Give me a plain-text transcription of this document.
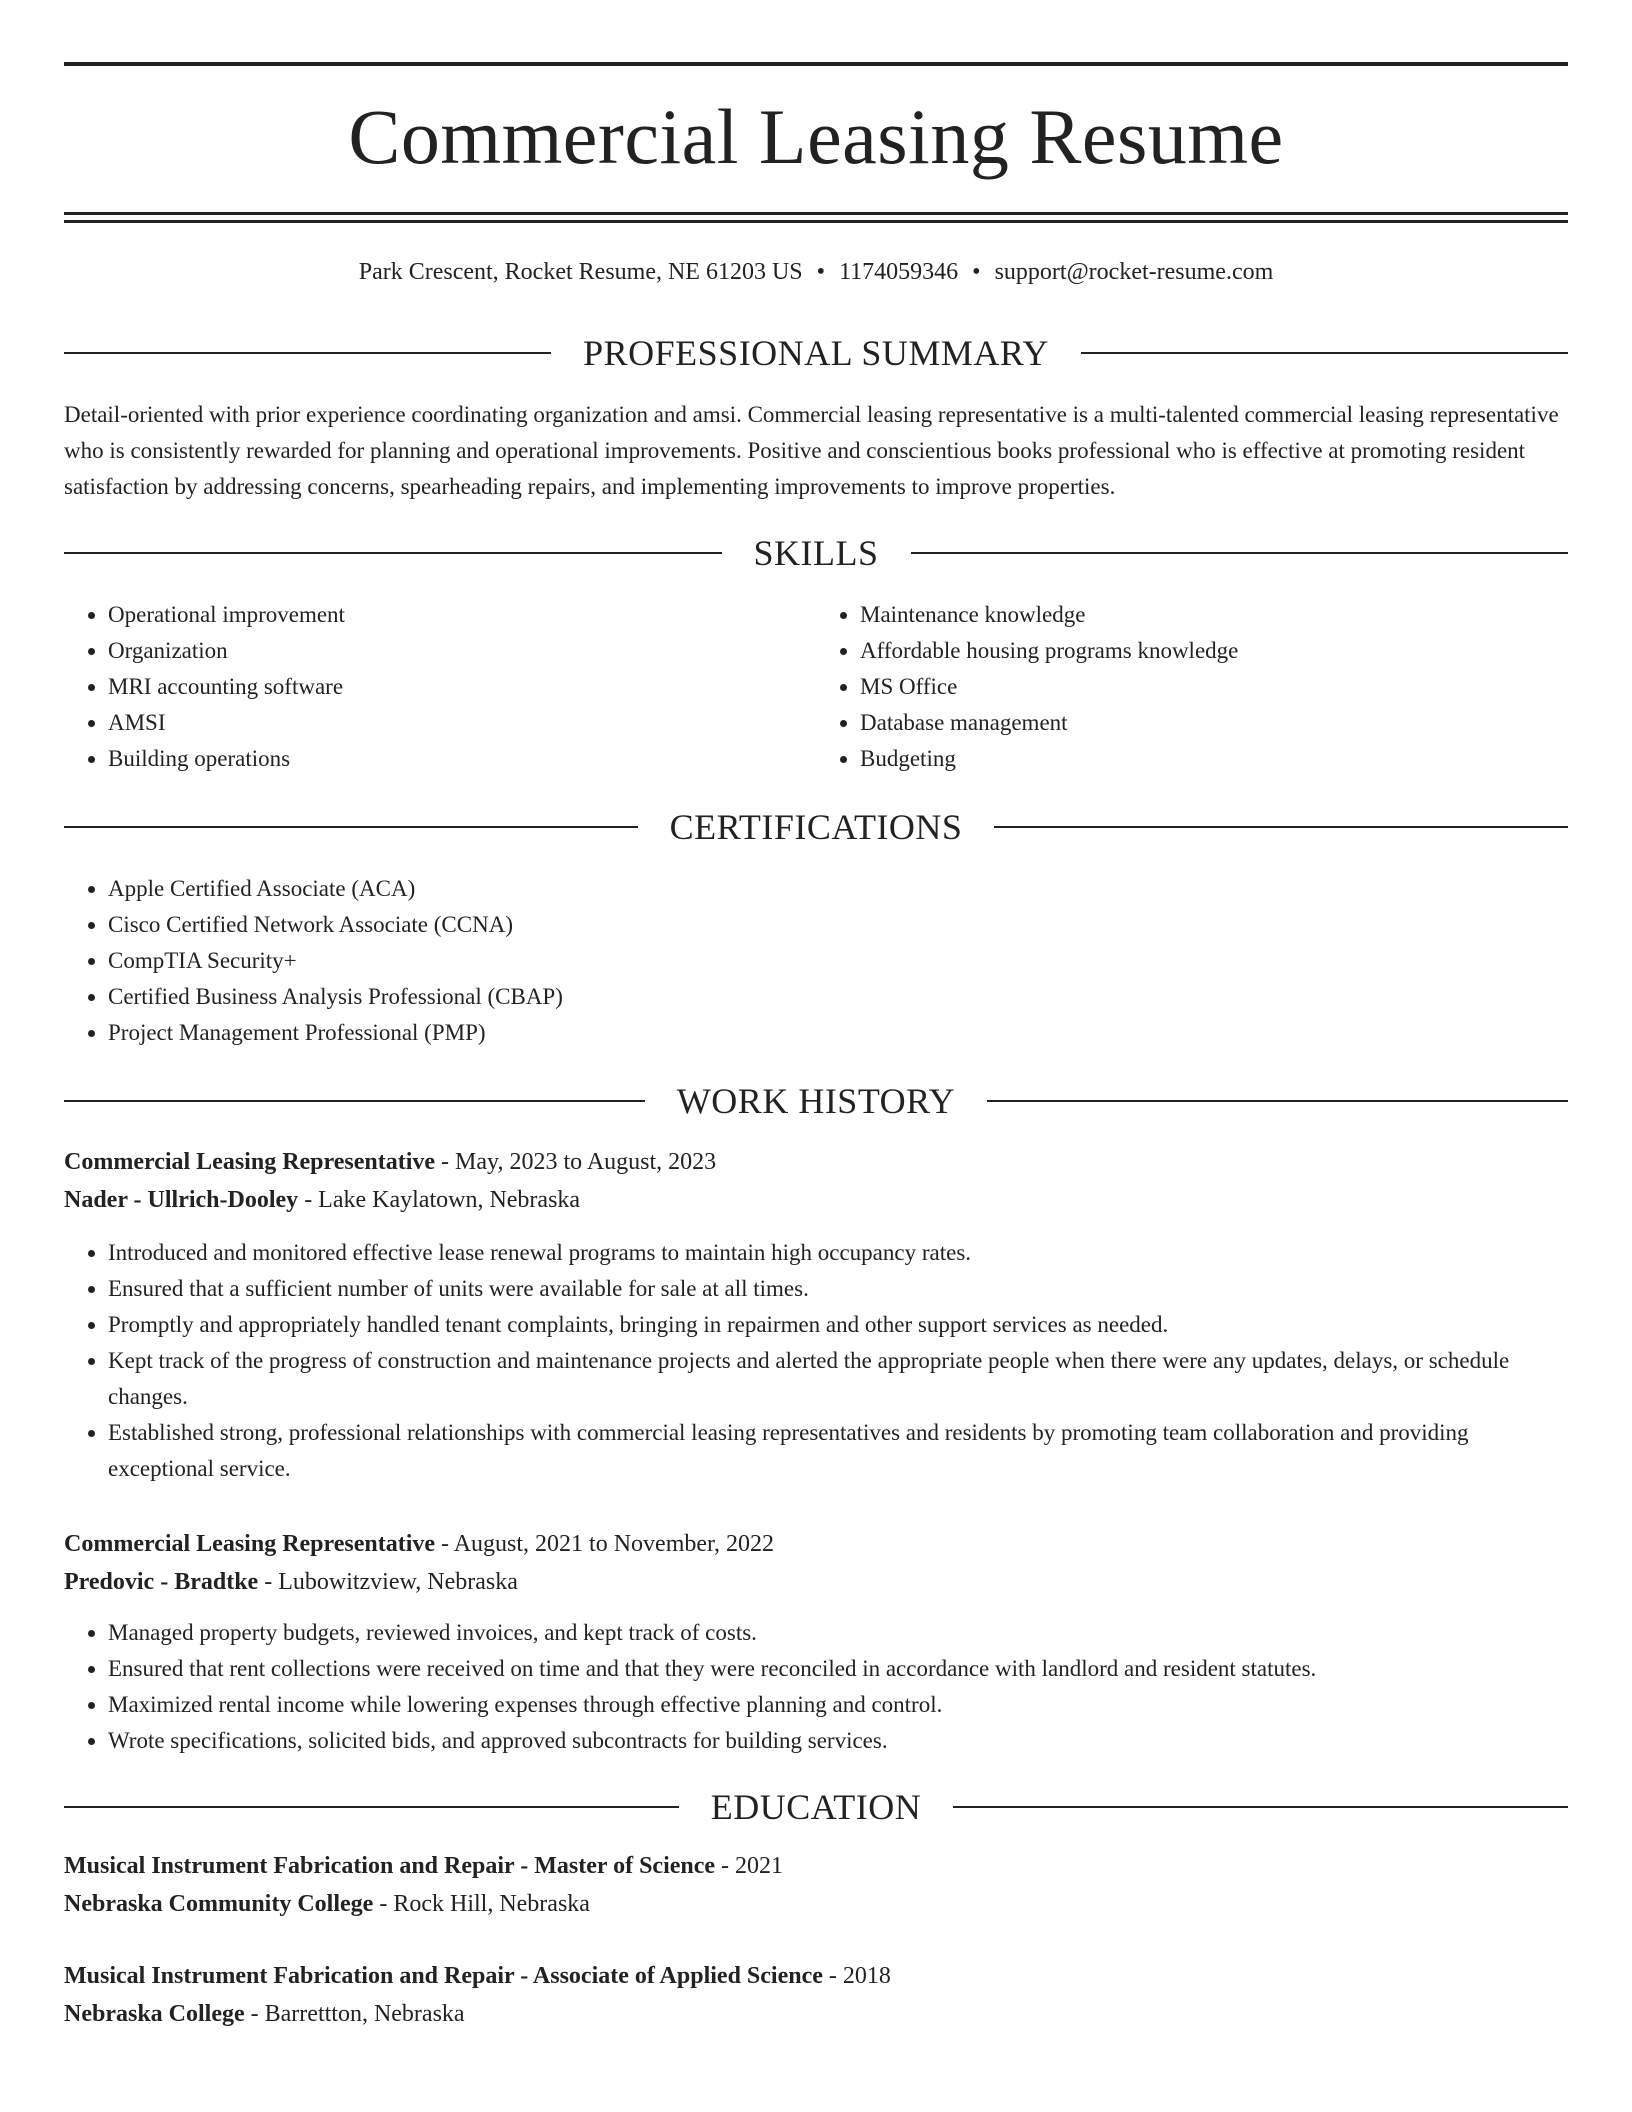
Commercial Leasing Resume
Park Crescent, Rocket Resume, NE 61203 US • 1174059346 • support@rocket-resume.com
PROFESSIONAL SUMMARY

Detail-oriented with prior experience coordinating organization and amsi. Commercial leasing representative is a multi-talented commercial leasing representative who is consistently rewarded for planning and operational improvements. Positive and conscientious books professional who is effective at promoting resident satisfaction by addressing concerns, spearheading repairs, and implementing improvements to improve properties.

SKILLS
• Operational improvement
• Organization
• MRI accounting software
• AMSI
• Building operations
• Maintenance knowledge
• Affordable housing programs knowledge
• MS Office
• Database management
• Budgeting
CERTIFICATIONS
• Apple Certified Associate (ACA)
• Cisco Certified Network Associate (CCNA)
• CompTIA Security+
• Certified Business Analysis Professional (CBAP)
• Project Management Professional (PMP)
WORK HISTORY

Commercial Leasing Representative - May, 2023 to August, 2023

Nader - Ullrich-Dooley - Lake Kaylatown, Nebraska

• Introduced and monitored effective lease renewal programs to maintain high occupancy rates.
• Ensured that a sufficient number of units were available for sale at all times.
• Promptly and appropriately handled tenant complaints, bringing in repairmen and other support services as needed.
• Kept track of the progress of construction and maintenance projects and alerted the appropriate people when there were any updates, delays, or schedule changes.
• Established strong, professional relationships with commercial leasing representatives and residents by promoting team collaboration and providing exceptional service.

Commercial Leasing Representative - August, 2021 to November, 2022

Predovic - Bradtke - Lubowitzview, Nebraska

• Managed property budgets, reviewed invoices, and kept track of costs.
• Ensured that rent collections were received on time and that they were reconciled in accordance with landlord and resident statutes.
• Maximized rental income while lowering expenses through effective planning and control.
• Wrote specifications, solicited bids, and approved subcontracts for building services.
EDUCATION

Musical Instrument Fabrication and Repair - Master of Science - 2021

Nebraska Community College - Rock Hill, Nebraska

Musical Instrument Fabrication and Repair - Associate of Applied Science - 2018

Nebraska College - Barrettton, Nebraska
